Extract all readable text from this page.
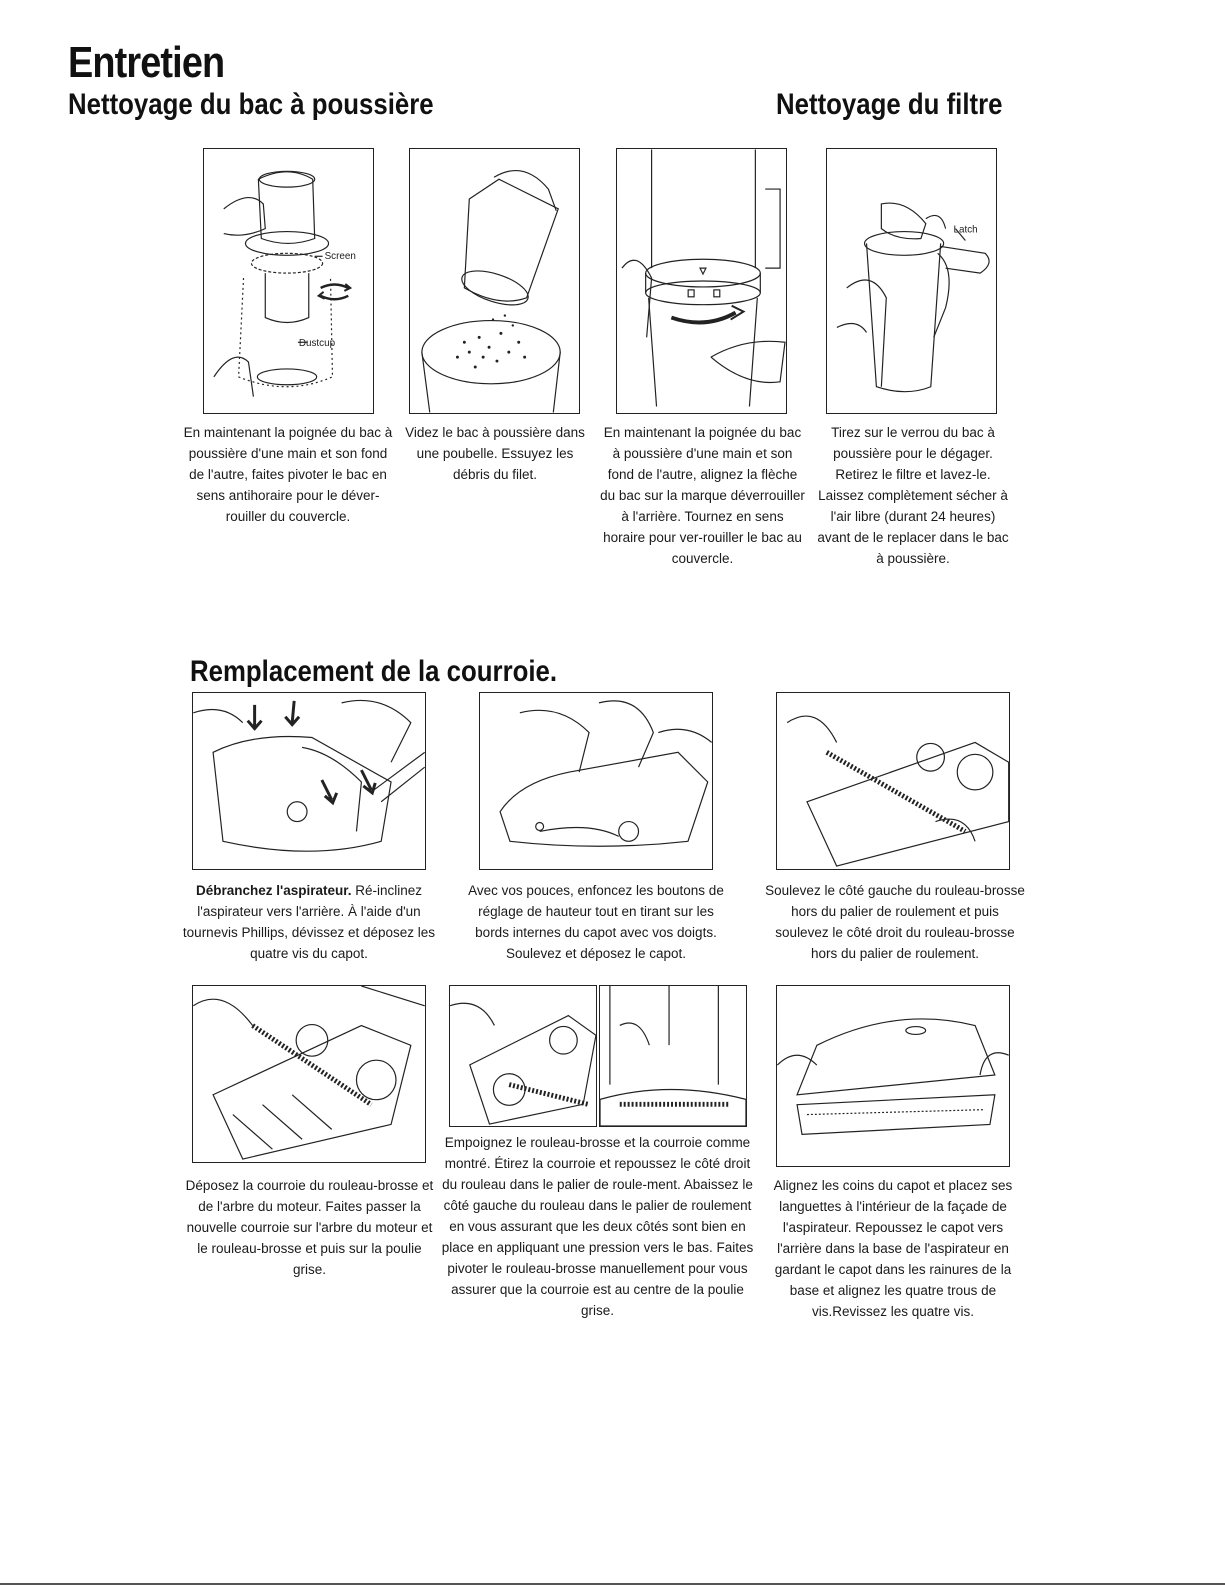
Entretien
Nettoyage du bac à poussière	Nettoyage du filtre
Screen
Dustcup
En maintenant la poignée du bac à poussière d'une main et son fond de l'autre, faites pivoter le bac en sens antihoraire pour le déver-rouiller du couvercle.
Videz le bac à poussière dans une poubelle. Essuyez les débris du filet.
En maintenant la poignée du bac à poussière d'une main et son fond de l'autre, alignez la flèche du bac sur la marque déverrouiller à l'arrière. Tournez en sens horaire pour ver-rouiller le bac au couvercle.
Latch
Tirez sur le verrou du bac à poussière pour le dégager. Retirez le filtre et lavez-le. Laissez complètement sécher à l'air libre (durant 24 heures) avant de le replacer dans le bac à poussière.
Remplacement de la courroie.
Débranchez l'aspirateur. Ré-inclinez l'aspirateur vers l'arrière. À l'aide d'un tournevis Phillips, dévissez et déposez les quatre vis du capot.
Avec vos pouces, enfoncez les boutons de réglage de hauteur tout en tirant sur les bords internes du capot avec vos doigts. Soulevez et déposez le capot.
Soulevez le côté gauche du rouleau-brosse hors du palier de roulement et puis soulevez le côté droit du rouleau-brosse hors du palier de roulement.
Déposez la courroie du rouleau-brosse et de l'arbre du moteur. Faites passer la nouvelle courroie sur l'arbre du moteur et le rouleau-brosse et puis sur la poulie grise.
Empoignez le rouleau-brosse et la courroie comme montré. Étirez la courroie et repoussez le côté droit du rouleau dans le palier de roule-ment. Abaissez le côté gauche du rouleau dans le palier de roulement en vous assurant que les deux côtés sont bien en place en appliquant une pression vers le bas. Faites pivoter le rouleau-brosse manuellement pour vous assurer que la courroie est au centre de la poulie grise.
Alignez les coins du capot et placez ses languettes à l'intérieur de la façade de l'aspirateur. Repoussez le capot vers l'arrière dans la base de l'aspirateur en gardant le capot dans les rainures de la base et alignez les quatre trous de vis.Revissez les quatre vis.
